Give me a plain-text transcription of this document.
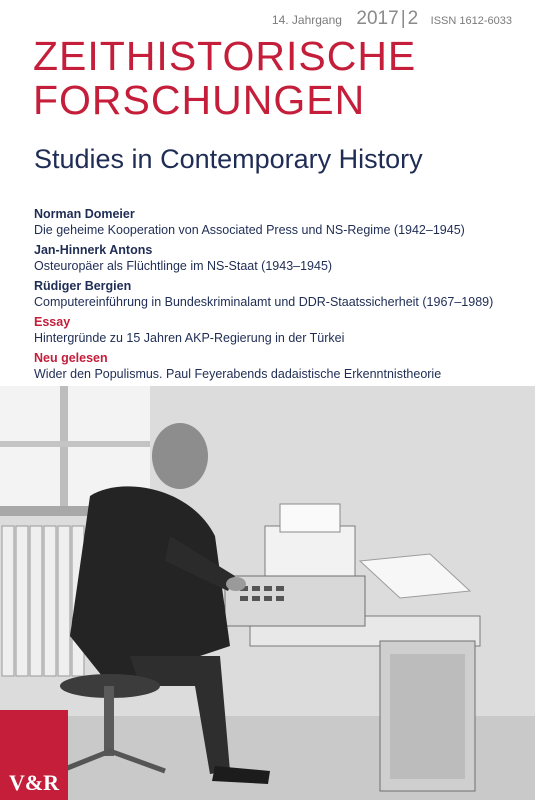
14. Jahrgang 2017 | 2 ISSN 1612-6033
ZEITHISTORISCHE
FORSCHUNGEN
Studies in Contemporary History
Norman Domeier
Die geheime Kooperation von Associated Press und NS-Regime (1942–1945)
Jan-Hinnerk Antons
Osteuropäer als Flüchtlinge im NS-Staat (1943–1945)
Rüdiger Bergien
Computereinführung in Bundeskriminalamt und DDR-Staatssicherheit (1967–1989)
Essay
Hintergründe zu 15 Jahren AKP-Regierung in der Türkei
Neu gelesen
Wider den Populismus. Paul Feyerabends dadaistische Erkenntnistheorie
V&R
